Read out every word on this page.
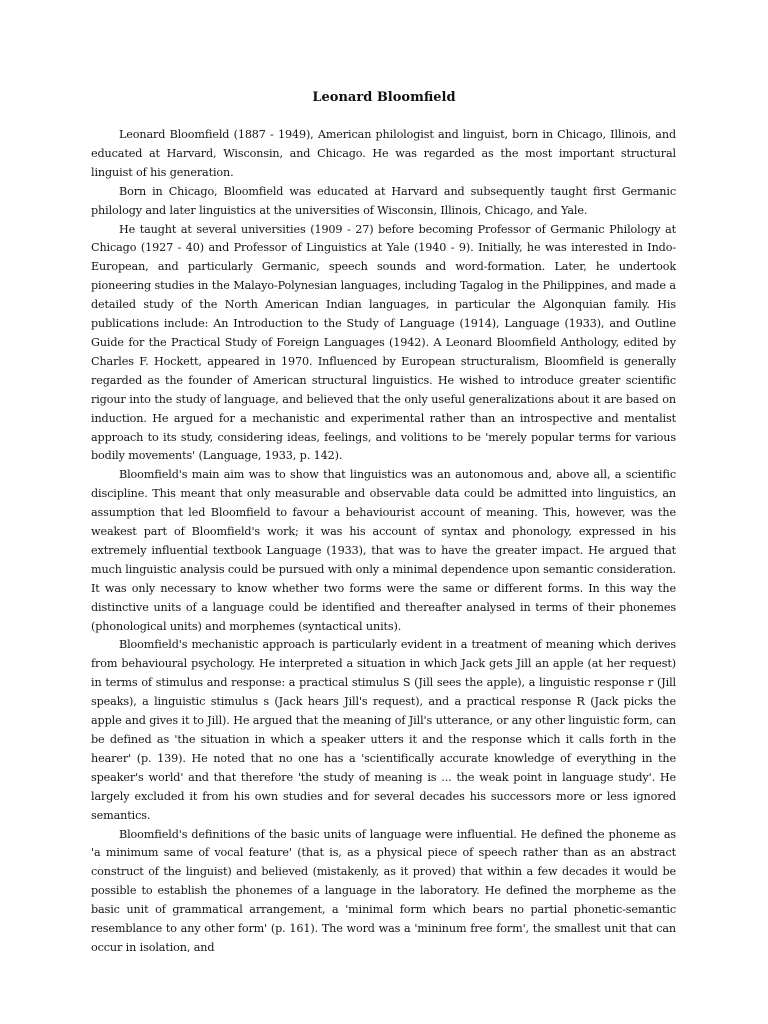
Leonard Bloomfield

Leonard Bloomfield (1887 - 1949), American philologist and linguist, born in Chicago, Illinois, and educated at Harvard, Wisconsin, and Chicago. He was regarded as the most important structural linguist of his generation.

Born in Chicago, Bloomfield was educated at Harvard and subsequently taught first Germanic philology and later linguistics at the universities of Wisconsin, Illinois, Chicago, and Yale.

He taught at several universities (1909 - 27) before becoming Professor of Germanic Philology at Chicago (1927 - 40) and Professor of Linguistics at Yale (1940 - 9). Initially, he was interested in Indo-European, and particularly Germanic, speech sounds and word-formation. Later, he undertook pioneering studies in the Malayo-Polynesian languages, including Tagalog in the Philippines, and made a detailed study of the North American Indian languages, in particular the Algonquian family. His publications include: An Introduction to the Study of Language (1914), Language (1933), and Outline Guide for the Practical Study of Foreign Languages (1942). A Leonard Bloomfield Anthology, edited by Charles F. Hockett, appeared in 1970. Influenced by European structuralism, Bloomfield is generally regarded as the founder of American structural linguistics. He wished to introduce greater scientific rigour into the study of language, and believed that the only useful generalizations about it are based on induction. He argued for a mechanistic and experimental rather than an introspective and mentalist approach to its study, considering ideas, feelings, and volitions to be 'merely popular terms for various bodily movements' (Language, 1933, p. 142).

Bloomfield's main aim was to show that linguistics was an autonomous and, above all, a scientific discipline. This meant that only measurable and observable data could be admitted into linguistics, an assumption that led Bloomfield to favour a behaviourist account of meaning. This, however, was the weakest part of Bloomfield's work; it was his account of syntax and phonology, expressed in his extremely influential textbook Language (1933), that was to have the greater impact. He argued that much linguistic analysis could be pursued with only a minimal dependence upon semantic consideration. It was only necessary to know whether two forms were the same or different forms. In this way the distinctive units of a language could be identified and thereafter analysed in terms of their phonemes (phonological units) and morphemes (syntactical units).

Bloomfield's mechanistic approach is particularly evident in a treatment of meaning which derives from behavioural psychology. He interpreted a situation in which Jack gets Jill an apple (at her request) in terms of stimulus and response: a practical stimulus S (Jill sees the apple), a linguistic response r (Jill speaks), a linguistic stimulus s (Jack hears Jill's request), and a practical response R (Jack picks the apple and gives it to Jill). He argued that the meaning of Jill's utterance, or any other linguistic form, can be defined as 'the situation in which a speaker utters it and the response which it calls forth in the hearer' (p. 139). He noted that no one has a 'scientifically accurate knowledge of everything in the speaker's world' and that therefore 'the study of meaning is ... the weak point in language study'. He largely excluded it from his own studies and for several decades his successors more or less ignored semantics.

Bloomfield's definitions of the basic units of language were influential. He defined the phoneme as 'a minimum same of vocal feature' (that is, as a physical piece of speech rather than as an abstract construct of the linguist) and believed (mistakenly, as it proved) that within a few decades it would be possible to establish the phonemes of a language in the laboratory. He defined the morpheme as the basic unit of grammatical arrangement, a 'minimal form which bears no partial phonetic-semantic resemblance to any other form' (p. 161). The word was a 'mininum free form', the smallest unit that can occur in isolation, and
